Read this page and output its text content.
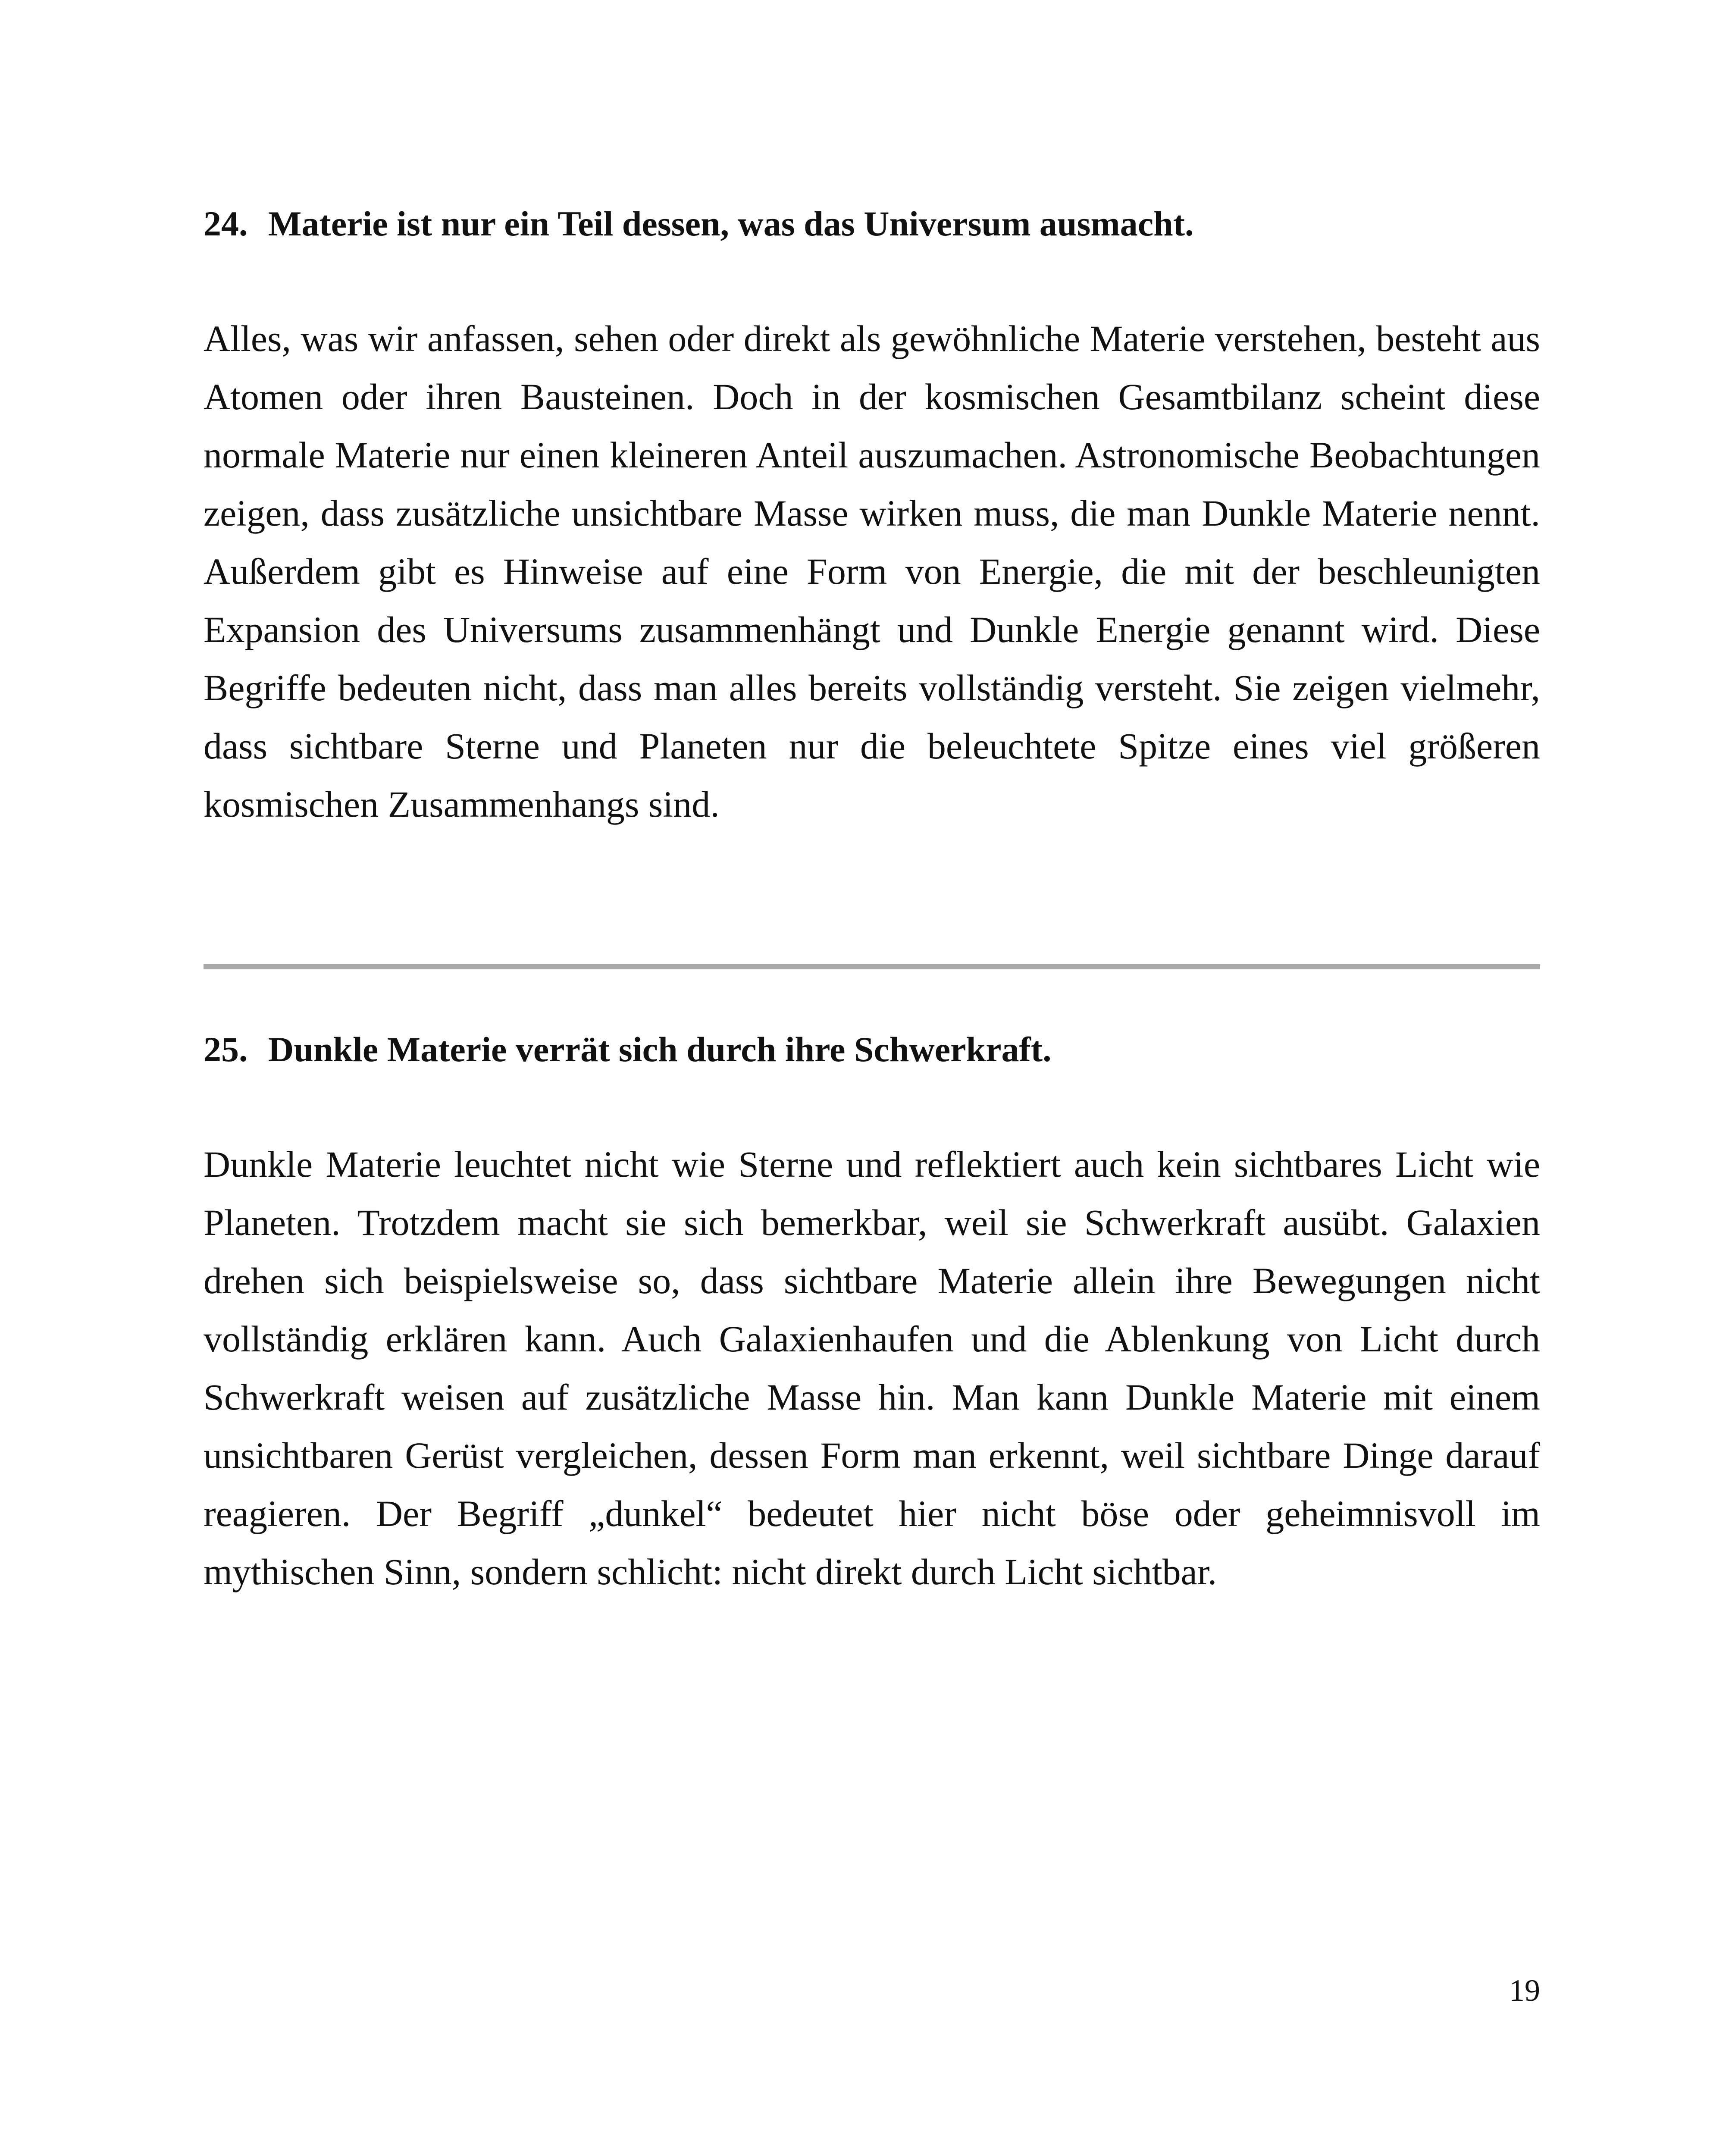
24. Materie ist nur ein Teil dessen, was das Universum ausmacht.

Alles, was wir anfassen, sehen oder direkt als gewöhnliche Materie verstehen, besteht aus Atomen oder ihren Bausteinen. Doch in der kosmischen Gesamtbilanz scheint diese normale Materie nur einen kleineren Anteil auszumachen. Astronomische Beobachtungen zeigen, dass zusätzliche unsichtbare Masse wirken muss, die man Dunkle Materie nennt. Außerdem gibt es Hinweise auf eine Form von Energie, die mit der beschleunigten Expansion des Universums zusammenhängt und Dunkle Energie genannt wird. Diese Begriffe bedeuten nicht, dass man alles bereits vollständig versteht. Sie zeigen vielmehr, dass sichtbare Sterne und Planeten nur die beleuchtete Spitze eines viel größeren kosmischen Zusammenhangs sind.

25. Dunkle Materie verrät sich durch ihre Schwerkraft.

Dunkle Materie leuchtet nicht wie Sterne und reflektiert auch kein sichtbares Licht wie Planeten. Trotzdem macht sie sich bemerkbar, weil sie Schwerkraft ausübt. Galaxien drehen sich beispielsweise so, dass sichtbare Materie allein ihre Bewegungen nicht vollständig erklären kann. Auch Galaxienhaufen und die Ablenkung von Licht durch Schwerkraft weisen auf zusätzliche Masse hin. Man kann Dunkle Materie mit einem unsichtbaren Gerüst vergleichen, dessen Form man erkennt, weil sichtbare Dinge darauf reagieren. Der Begriff „dunkel“ bedeutet hier nicht böse oder geheimnisvoll im mythischen Sinn, sondern schlicht: nicht direkt durch Licht sichtbar.

19
